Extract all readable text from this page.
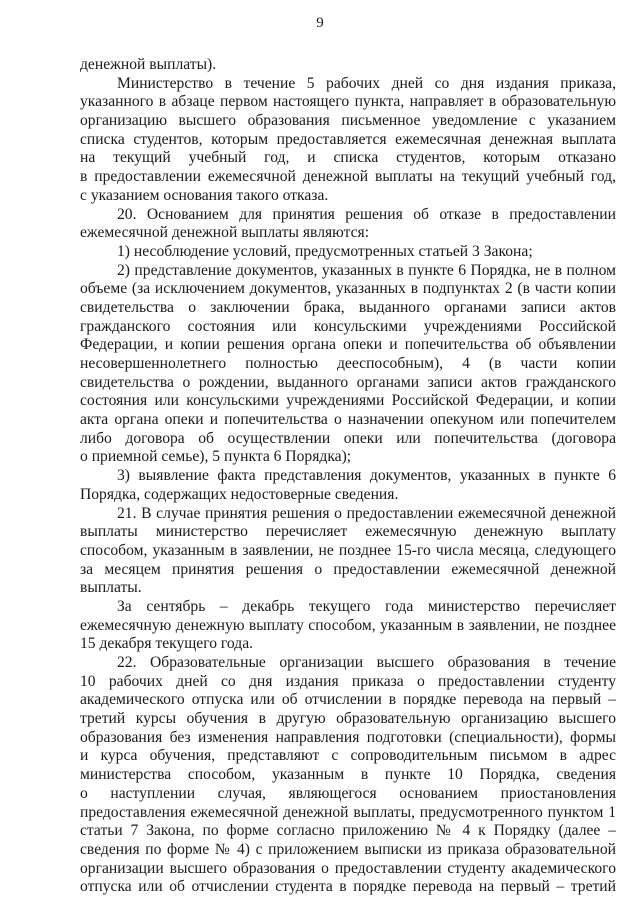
9
денежной выплаты).
Министерство в течение 5 рабочих дней со дня издания приказа,
указанного в абзаце первом настоящего пункта, направляет в образовательную
организацию высшего образования письменное уведомление с указанием
списка студентов, которым предоставляется ежемесячная денежная выплата
на текущий учебный год, и списка студентов, которым отказано
в предоставлении ежемесячной денежной выплаты на текущий учебный год,
с указанием основания такого отказа.
20. Основанием для принятия решения об отказе в предоставлении
ежемесячной денежной выплаты являются:
1) несоблюдение условий, предусмотренных статьей 3 Закона;
2) представление документов, указанных в пункте 6 Порядка, не в полном
объеме (за исключением документов, указанных в подпунктах 2 (в части копии
свидетельства о заключении брака, выданного органами записи актов
гражданского состояния или консульскими учреждениями Российской
Федерации, и копии решения органа опеки и попечительства об объявлении
несовершеннолетнего полностью дееспособным), 4 (в части копии
свидетельства о рождении, выданного органами записи актов гражданского
состояния или консульскими учреждениями Российской Федерации, и копии
акта органа опеки и попечительства о назначении опекуном или попечителем
либо договора об осуществлении опеки или попечительства (договора
о приемной семье), 5 пункта 6 Порядка);
3) выявление факта представления документов, указанных в пункте 6
Порядка, содержащих недостоверные сведения.
21. В случае принятия решения о предоставлении ежемесячной денежной
выплаты министерство перечисляет ежемесячную денежную выплату
способом, указанным в заявлении, не позднее 15-го числа месяца, следующего
за месяцем принятия решения о предоставлении ежемесячной денежной
выплаты.
За сентябрь – декабрь текущего года министерство перечисляет
ежемесячную денежную выплату способом, указанным в заявлении, не позднее
15 декабря текущего года.
22. Образовательные организации высшего образования в течение
10 рабочих дней со дня издания приказа о предоставлении студенту
академического отпуска или об отчислении в порядке перевода на первый –
третий курсы обучения в другую образовательную организацию высшего
образования без изменения направления подготовки (специальности), формы
и курса обучения, представляют с сопроводительным письмом в адрес
министерства способом, указанным в пункте 10 Порядка, сведения
о наступлении случая, являющегося основанием приостановления
предоставления ежемесячной денежной выплаты, предусмотренного пунктом 1
статьи 7 Закона, по форме согласно приложению № 4 к Порядку (далее –
сведения по форме № 4) с приложением выписки из приказа образовательной
организации высшего образования о предоставлении студенту академического
отпуска или об отчислении студента в порядке перевода на первый – третий
